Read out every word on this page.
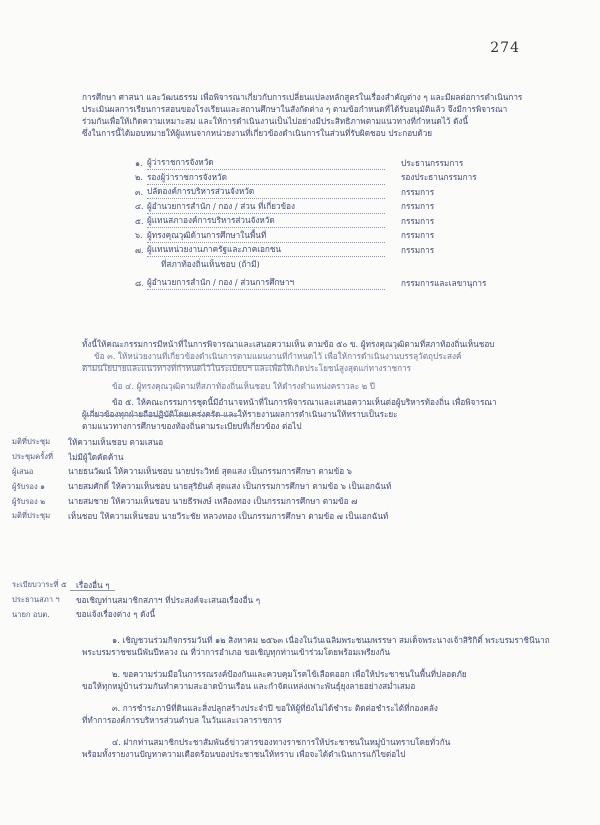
274
การศึกษา ศาสนา และวัฒนธรรม เพื่อพิจารณาเกี่ยวกับการเปลี่ยนแปลงหลักสูตรในเรื่องสำคัญต่าง ๆ และมีผลต่อการดำเนินการ
ประเมินผลการเรียนการสอนของโรงเรียนและสถานศึกษาในสังกัดต่าง ๆ ตามข้อกำหนดที่ได้รับอนุมัติแล้ว จึงมีการพิจารณา
ร่วมกันเพื่อให้เกิดความเหมาะสม และให้การดำเนินงานเป็นไปอย่างมีประสิทธิภาพตามแนวทางที่กำหนดไว้ ดังนี้
ซึ่งในการนี้ได้มอบหมายให้ผู้แทนจากหน่วยงานที่เกี่ยวข้องดำเนินการในส่วนที่รับผิดชอบ ประกอบด้วย
๑. ผู้ว่าราชการจังหวัด	ประธานกรรมการ
๒. รองผู้ว่าราชการจังหวัด	รองประธานกรรมการ
๓. ปลัดองค์การบริหารส่วนจังหวัด	กรรมการ
๔. ผู้อำนวยการสำนัก / กอง / ส่วน ที่เกี่ยวข้อง	กรรมการ
๕. ผู้แทนสภาองค์การบริหารส่วนจังหวัด	กรรมการ
๖. ผู้ทรงคุณวุฒิด้านการศึกษาในพื้นที่	กรรมการ
๗. ผู้แทนหน่วยงานภาครัฐและภาคเอกชน	กรรมการ
ที่สภาท้องถิ่นเห็นชอบ (ถ้ามี)
๘. ผู้อำนวยการสำนัก / กอง / ส่วนการศึกษาฯ	กรรมการและเลขานุการ
ทั้งนี้ให้คณะกรรมการมีหน้าที่ในการพิจารณาและเสนอความเห็น ตามข้อ ๕๐ ข. ผู้ทรงคุณวุฒิตามที่สภาท้องถิ่นเห็นชอบ
ข้อ ๓. ให้หน่วยงานที่เกี่ยวข้องดำเนินการตามแผนงานที่กำหนดไว้ เพื่อให้การดำเนินงานบรรลุวัตถุประสงค์
ตามนโยบายและแนวทางที่กำหนดไว้ในระเบียบฯ และเพื่อให้เกิดประโยชน์สูงสุดแก่ทางราชการ
ข้อ ๔. ผู้ทรงคุณวุฒิตามที่สภาท้องถิ่นเห็นชอบ ให้ดำรงตำแหน่งคราวละ ๒ ปี
ข้อ ๕. ให้คณะกรรมการชุดนี้มีอำนาจหน้าที่ในการพิจารณาและเสนอความเห็นต่อผู้บริหารท้องถิ่น เพื่อพิจารณา
ผู้เกี่ยวข้องทุกฝ่ายถือปฏิบัติโดยเคร่งครัด และให้รายงานผลการดำเนินงานให้ทราบเป็นระยะ
ตามแนวทางการศึกษาของท้องถิ่นตามระเบียบที่เกี่ยวข้อง ต่อไป
มติที่ประชุม	ให้ความเห็นชอบ ตามเสนอ
ประชุมครั้งที่	ไม่มีผู้ใดคัดค้าน
ผู้เสนอ	นายธนวัฒน์ ให้ความเห็นชอบ นายประวิทย์ สุดแสง เป็นกรรมการศึกษา ตามข้อ ๖
ผู้รับรอง ๑	นายสมศักดิ์ ให้ความเห็นชอบ นายสุริยันต์ สุดแสง เป็นกรรมการศึกษา ตามข้อ ๖ เป็นเอกฉันท์
ผู้รับรอง ๒	นายสมชาย ให้ความเห็นชอบ นายธีรพงษ์ เหลืองทอง เป็นกรรมการศึกษา ตามข้อ ๗
มติที่ประชุม	เห็นชอบ ให้ความเห็นชอบ นายวีระชัย หลวงทอง เป็นกรรมการศึกษา ตามข้อ ๗ เป็นเอกฉันท์
ระเบียบวาระที่ ๕	เรื่องอื่น ๆ
ประธานสภา ฯ	ขอเชิญท่านสมาชิกสภาฯ ที่ประสงค์จะเสนอเรื่องอื่น ๆ
นายก อบต.	ขอแจ้งเรื่องต่าง ๆ ดังนี้
๑. เชิญชวนร่วมกิจกรรมวันที่ ๑๒ สิงหาคม ๒๕๖๓ เนื่องในวันเฉลิมพระชนมพรรษา สมเด็จพระนางเจ้าสิริกิติ์ พระบรมราชินีนาถ
พระบรมราชชนนีพันปีหลวง ณ ที่ว่าการอำเภอ ขอเชิญทุกท่านเข้าร่วมโดยพร้อมเพรียงกัน
๒. ขอความร่วมมือในการรณรงค์ป้องกันและควบคุมโรคไข้เลือดออก เพื่อให้ประชาชนในพื้นที่ปลอดภัย
ขอให้ทุกหมู่บ้านร่วมกันทำความสะอาดบ้านเรือน และกำจัดแหล่งเพาะพันธุ์ยุงลายอย่างสม่ำเสมอ
๓. การชำระภาษีที่ดินและสิ่งปลูกสร้างประจำปี ขอให้ผู้ที่ยังไม่ได้ชำระ ติดต่อชำระได้ที่กองคลัง
ที่ทำการองค์การบริหารส่วนตำบล ในวันและเวลาราชการ
๔. ฝากท่านสมาชิกประชาสัมพันธ์ข่าวสารของทางราชการให้ประชาชนในหมู่บ้านทราบโดยทั่วกัน
พร้อมทั้งรายงานปัญหาความเดือดร้อนของประชาชนให้ทราบ เพื่อจะได้ดำเนินการแก้ไขต่อไป
